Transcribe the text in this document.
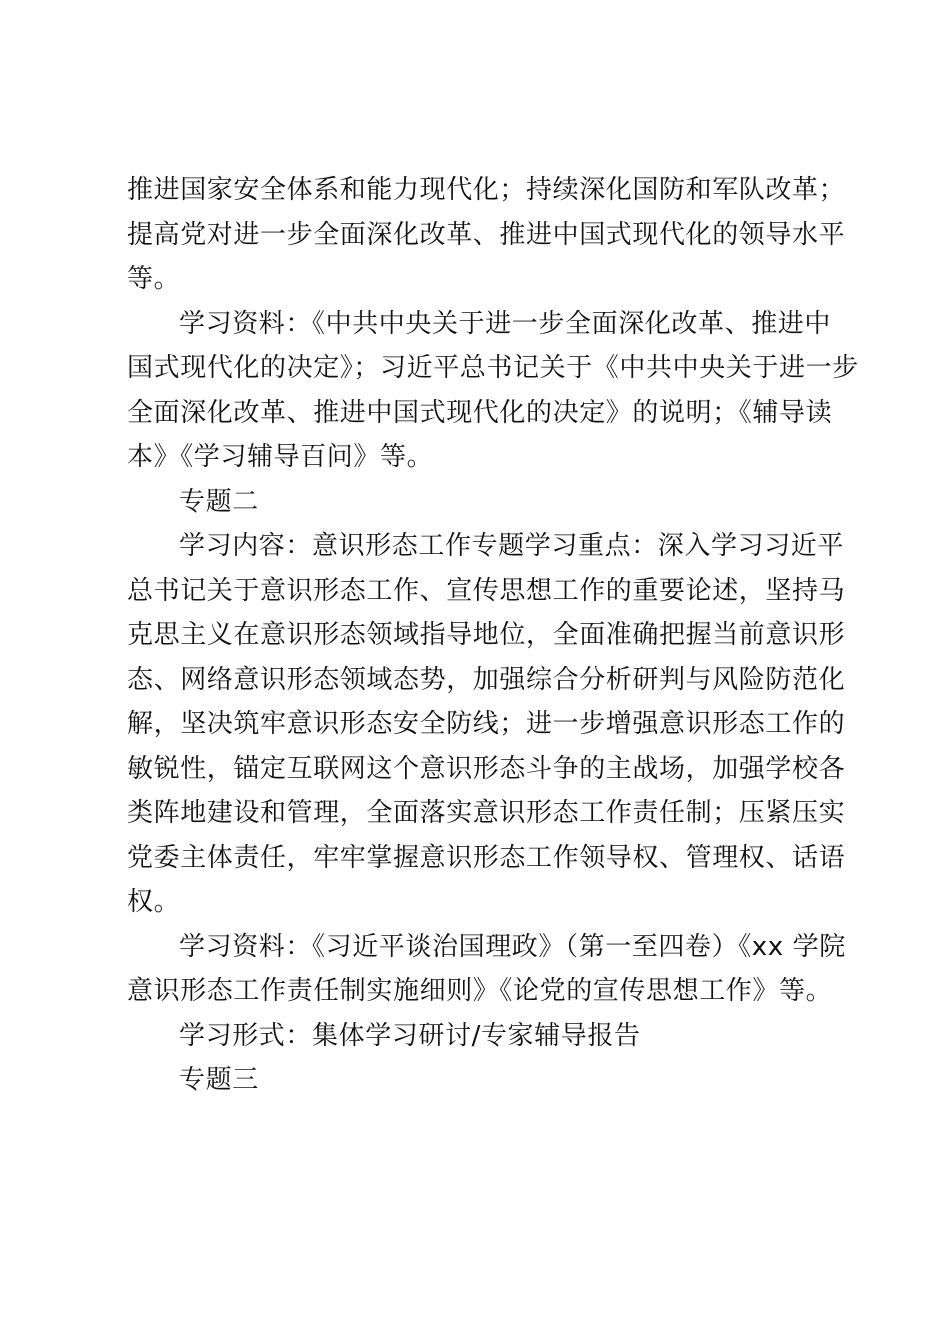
推进国家安全体系和能力现代化；持续深化国防和军队改革；
提高党对进一步全面深化改革、推进中国式现代化的领导水平
等。
学习资料：《中共中央关于进一步全面深化改革、推进中
国式现代化的决定》；习近平总书记关于《中共中央关于进一步
全面深化改革、推进中国式现代化的决定》的说明；《辅导读
本》《学习辅导百问》等。
专题二
学习内容：意识形态工作专题学习重点：深入学习习近平
总书记关于意识形态工作、宣传思想工作的重要论述，坚持马
克思主义在意识形态领域指导地位，全面准确把握当前意识形
态、网络意识形态领域态势，加强综合分析研判与风险防范化
解，坚决筑牢意识形态安全防线；进一步增强意识形态工作的
敏锐性，锚定互联网这个意识形态斗争的主战场，加强学校各
类阵地建设和管理，全面落实意识形态工作责任制；压紧压实
党委主体责任，牢牢掌握意识形态工作领导权、管理权、话语
权。
学习资料：《习近平谈治国理政》（第一至四卷）《xx 学院
意识形态工作责任制实施细则》《论党的宣传思想工作》等。
学习形式：集体学习研讨/专家辅导报告
专题三
